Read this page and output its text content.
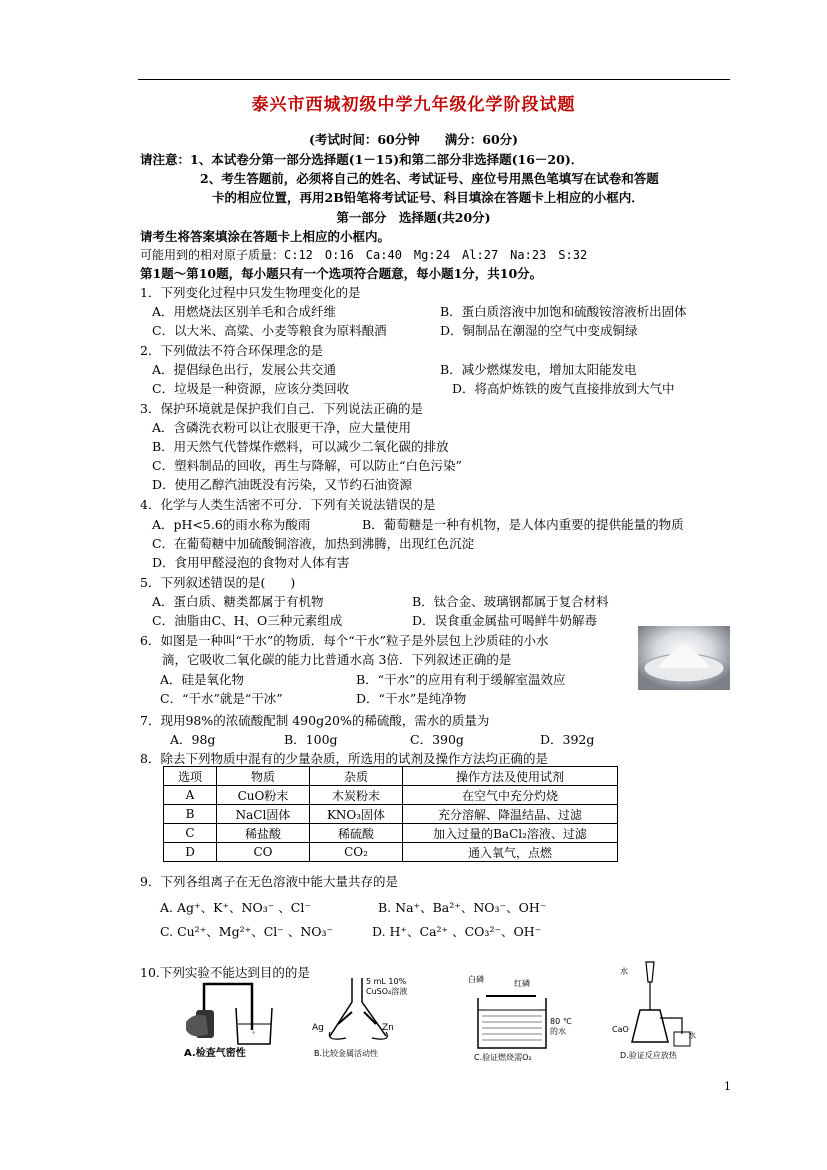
泰兴市西城初级中学九年级化学阶段试题
(考试时间：60分钟　　满分：60分)
请注意：1、本试卷分第一部分选择题(1－15)和第二部分非选择题(16－20)．
2、考生答题前，必须将自己的姓名、考试证号、座位号用黑色笔填写在试卷和答题
卡的相应位置，再用2B铅笔将考试证号、科目填涂在答题卡上相应的小框内．
第一部分　选择题(共20分)
请考生将答案填涂在答题卡上相应的小框内。
可能用到的相对原子质量：C:12　O:16　Ca:40　Mg:24　Al:27　Na:23　S:32
第1题～第10题，每小题只有一个选项符合题意，每小题1分，共10分。
1．下列变化过程中只发生物理变化的是
A．用燃烧法区别羊毛和合成纤维	B．蛋白质溶液中加饱和硫酸铵溶液析出固体
C．以大米、高粱、小麦等粮食为原料酿酒	D．铜制品在潮湿的空气中变成铜绿
2．下列做法不符合环保理念的是
A．提倡绿色出行，发展公共交通	B．减少燃煤发电，增加太阳能发电
C．垃圾是一种资源，应该分类回收	D．将高炉炼铁的废气直接排放到大气中
3．保护环境就是保护我们自己．下列说法正确的是
A．含磷洗衣粉可以让衣服更干净，应大量使用
B．用天然气代替煤作燃料，可以减少二氧化碳的排放
C．塑料制品的回收，再生与降解，可以防止“白色污染”
D．使用乙醇汽油既没有污染，又节约石油资源
4．化学与人类生活密不可分．下列有关说法错误的是
A．pH<5.6的雨水称为酸雨	B．葡萄糖是一种有机物，是人体内重要的提供能量的物质
C．在葡萄糖中加硫酸铜溶液，加热到沸腾，出现红色沉淀
D．食用甲醛浸泡的食物对人体有害
5．下列叙述错误的是(　　)
A．蛋白质、糖类都属于有机物	B．钛合金、玻璃钢都属于复合材料
C．油脂由C、H、O三种元素组成	D．误食重金属盐可喝鲜牛奶解毒
6．如图是一种叫“干水”的物质．每个“干水”粒子是外层包上沙质硅的小水
滴，它吸收二氧化碳的能力比普通水高 3倍．下列叙述正确的是
A．硅是氧化物	B．“干水”的应用有利于缓解室温效应
C．“干水”就是“干冰”	D．“干水”是纯净物
7．现用98%的浓硫酸配制 490g20%的稀硫酸，需水的质量为
A．98g	B．100g	C．390g	D．392g
8．除去下列物质中混有的少量杂质，所选用的试剂及操作方法均正确的是
选项	物质	杂质	操作方法及使用试剂
A	CuO粉末	木炭粉末	在空气中充分灼烧
B	NaCl固体	KNO₃固体	充分溶解、降温结晶、过滤
C	稀盐酸	稀硫酸	加入过量的BaCl₂溶液、过滤
D	CO	CO₂	通入氧气，点燃
9．下列各组离子在无色溶液中能大量共存的是
A. Ag⁺、K⁺、NO₃⁻ 、Cl⁻	B. Na⁺、Ba²⁺、NO₃⁻、OH⁻
C. Cu²⁺、Mg²⁺、Cl⁻ 、NO₃⁻	D. H⁺、Ca²⁺ 、CO₃²⁻、OH⁻
10.下列实验不能达到目的的是
°
A.检查气密性
5 mL 10%
CuSO₄溶液
Ag	Zn
B.比较金属活动性
白磷	红磷
80 ℃
的水
C.验证燃烧需O₂
水
水
CaO
D.验证反应放热
1
